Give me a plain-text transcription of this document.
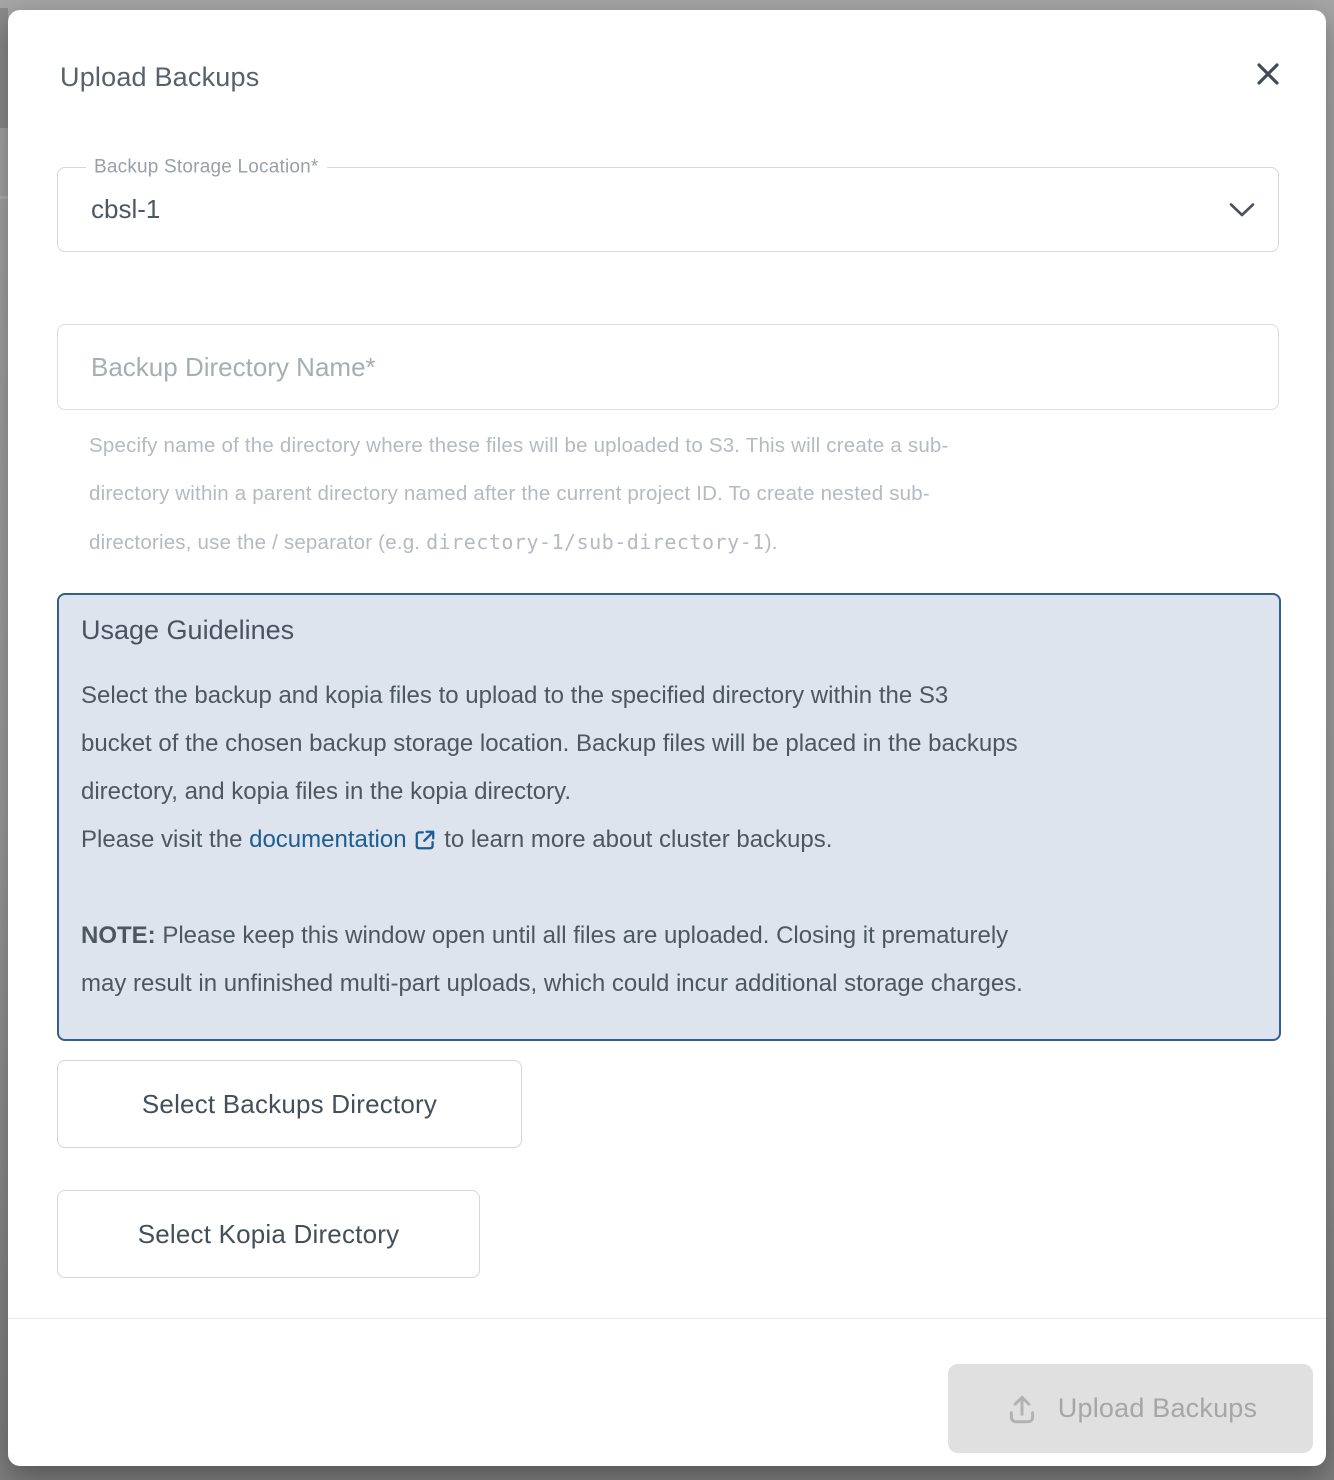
Upload Backups
Backup Storage Location*
cbsl-1
Backup Directory Name*
Specify name of the directory where these files will be uploaded to S3. This will create a sub-
directory within a parent directory named after the current project ID. To create nested sub-
directories, use the / separator (e.g. directory-1/sub-directory-1).

Usage Guidelines

Select the backup and kopia files to upload to the specified directory within the S3
bucket of the chosen backup storage location. Backup files will be placed in the backups
directory, and kopia files in the kopia directory.
Please visit the documentation to learn more about cluster backups.
NOTE: Please keep this window open until all files are uploaded. Closing it prematurely
may result in unfinished multi-part uploads, which could incur additional storage charges.
Select Backups Directory
Select Kopia Directory
Upload Backups
